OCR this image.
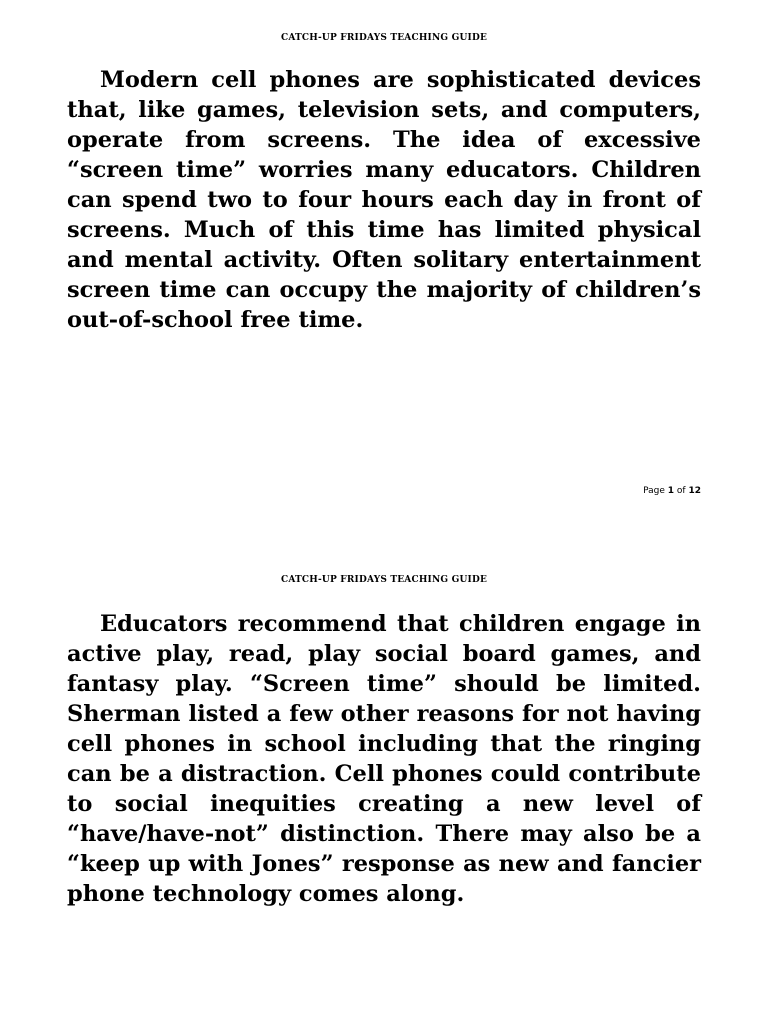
CATCH-UP FRIDAYS TEACHING GUIDE

Modern cell phones are sophisticated devices that, like games, television sets, and computers, operate from screens. The idea of excessive “screen time” worries many educators. Children can spend two to four hours each day in front of screens. Much of this time has limited physical and mental activity. Often solitary entertainment screen time can occupy the majority of children’s out-of-school free time.

Page 1 of 12
CATCH-UP FRIDAYS TEACHING GUIDE

Educators recommend that children engage in active play, read, play social board games, and fantasy play. “Screen time” should be limited. Sherman listed a few other reasons for not having cell phones in school including that the ringing can be a distraction. Cell phones could contribute to social inequities creating a new level of “have/have-not” distinction. There may also be a “keep up with Jones” response as new and fancier phone technology comes along.
